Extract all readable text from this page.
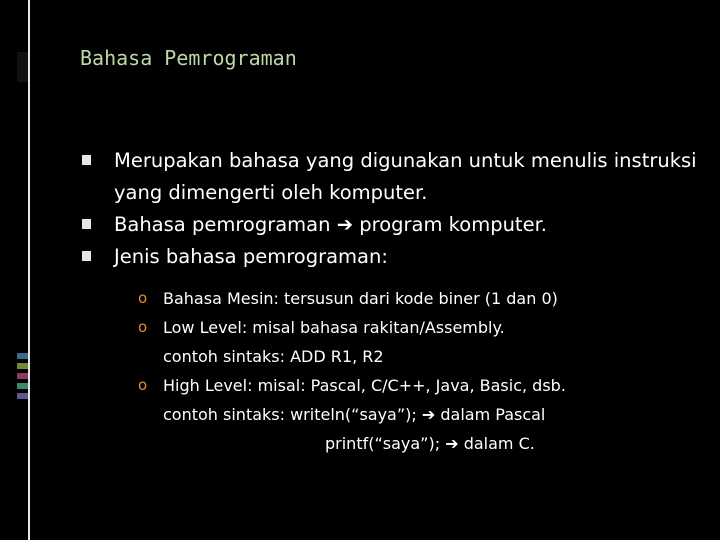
Bahasa Pemrograman
Merupakan bahasa yang digunakan untuk menulis instruksi yang dimengerti oleh komputer.
Bahasa pemrograman ➔ program komputer.
Jenis bahasa pemrograman:
o Bahasa Mesin: tersusun dari kode biner (1 dan 0)
o Low Level: misal bahasa rakitan/Assembly.
contoh sintaks: ADD R1, R2
o High Level: misal: Pascal, C/C++, Java, Basic, dsb.
contoh sintaks: writeln(“saya”); ➔ dalam Pascal
printf(“saya”); ➔ dalam C.
